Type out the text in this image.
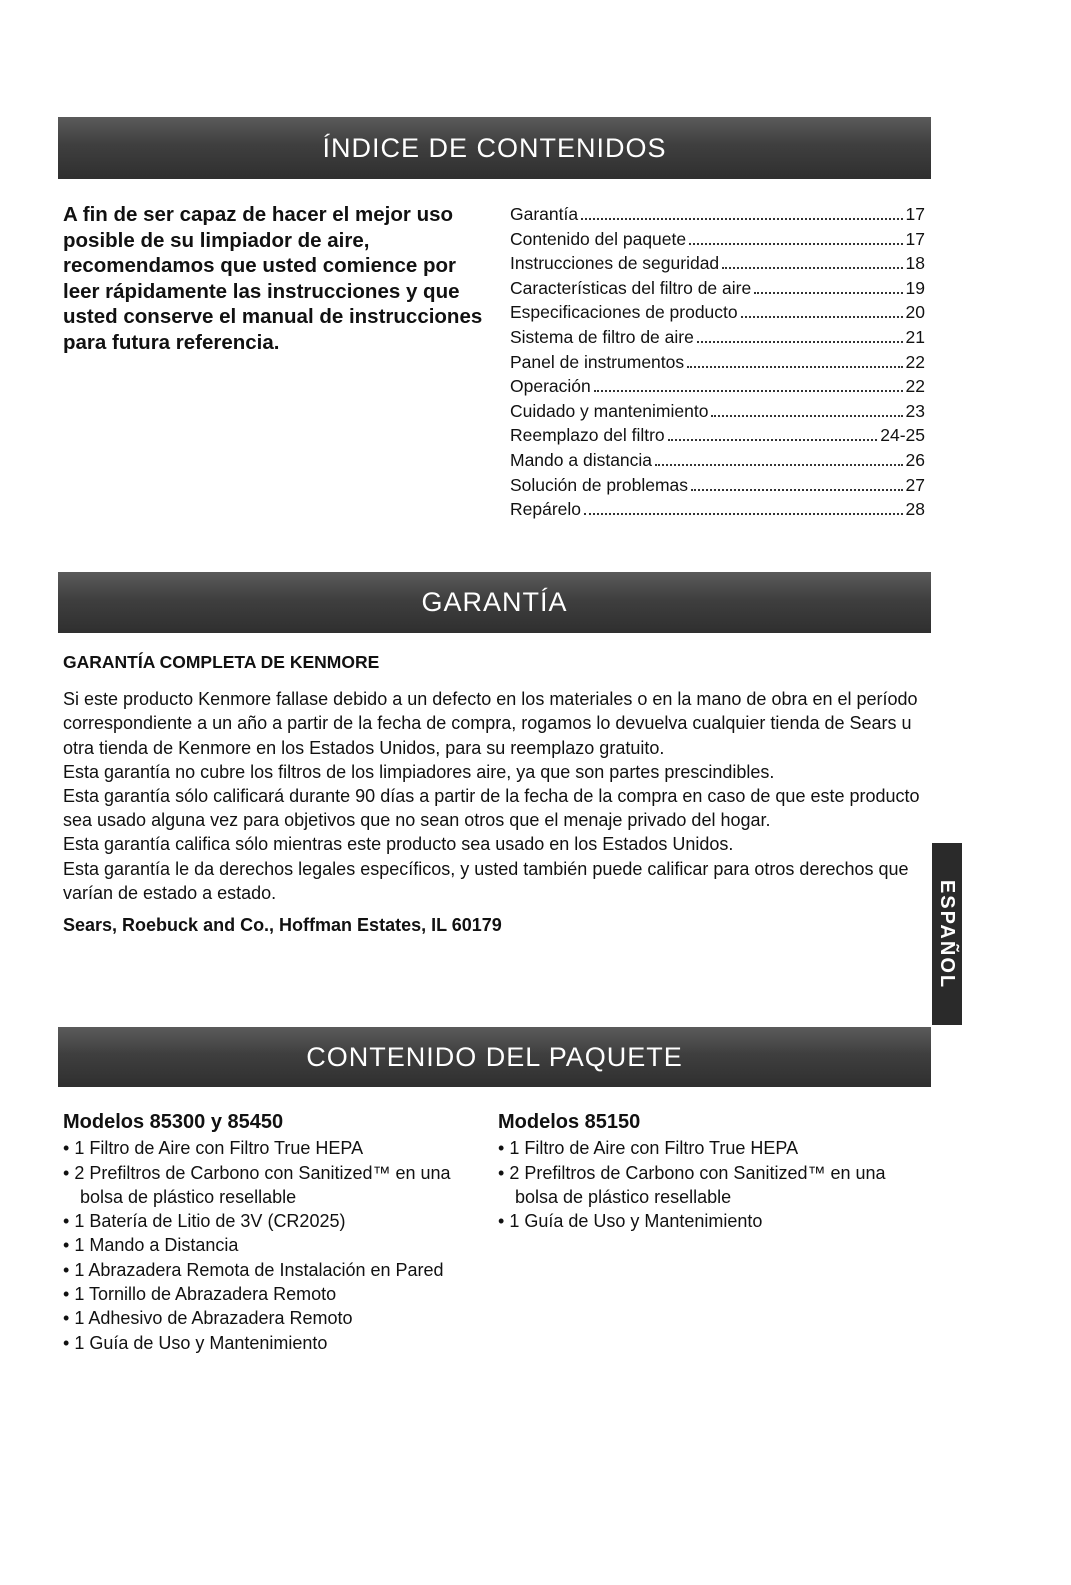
ÍNDICE DE CONTENIDOS

A fin de ser capaz de hacer el mejor uso posible de su limpiador de aire, recomendamos que usted comience por leer rápidamente las instrucciones y que usted conserve el manual de instrucciones para futura referencia.

Garantía	17
Contenido del paquete	17
Instrucciones de seguridad	18
Características del filtro de aire	19
Especificaciones de producto	20
Sistema de filtro de aire	21
Panel de instrumentos	22
Operación	22
Cuidado y mantenimiento	23
Reemplazo del filtro	24-25
Mando a distancia	26
Solución de problemas	27
Repárelo	28
GARANTÍA
GARANTÍA COMPLETA DE KENMORE

Si este producto Kenmore fallase debido a un defecto en los materiales o en la mano de obra en el período correspondiente a un año a partir de la fecha de compra, rogamos lo devuelva cualquier tienda de Sears u otra tienda de Kenmore en los Estados Unidos, para su reemplazo gratuito.

Esta garantía no cubre los filtros de los limpiadores aire, ya que son partes prescindibles.

Esta garantía sólo calificará durante 90 días a partir de la fecha de la compra en caso de que este producto sea usado alguna vez para objetivos que no sean otros que el menaje privado del hogar.

Esta garantía califica sólo mientras este producto sea usado en los Estados Unidos.

Esta garantía le da derechos legales específicos, y usted también puede calificar para otros derechos que varían de estado a estado.

Sears, Roebuck and Co., Hoffman Estates, IL 60179	ESPAÑOL
CONTENIDO DEL PAQUETE
Modelos 85300 y 85450
• 1 Filtro de Aire con Filtro True HEPA
• 2 Prefiltros de Carbono con Sanitized™ en una bolsa de plástico resellable
• 1 Batería de Litio de 3V (CR2025)
• 1 Mando a Distancia
• 1 Abrazadera Remota de Instalación en Pared
• 1 Tornillo de Abrazadera Remoto
• 1 Adhesivo de Abrazadera Remoto
• 1 Guía de Uso y Mantenimiento
Modelos 85150
• 1 Filtro de Aire con Filtro True HEPA
• 2 Prefiltros de Carbono con Sanitized™ en una bolsa de plástico resellable
• 1 Guía de Uso y Mantenimiento
